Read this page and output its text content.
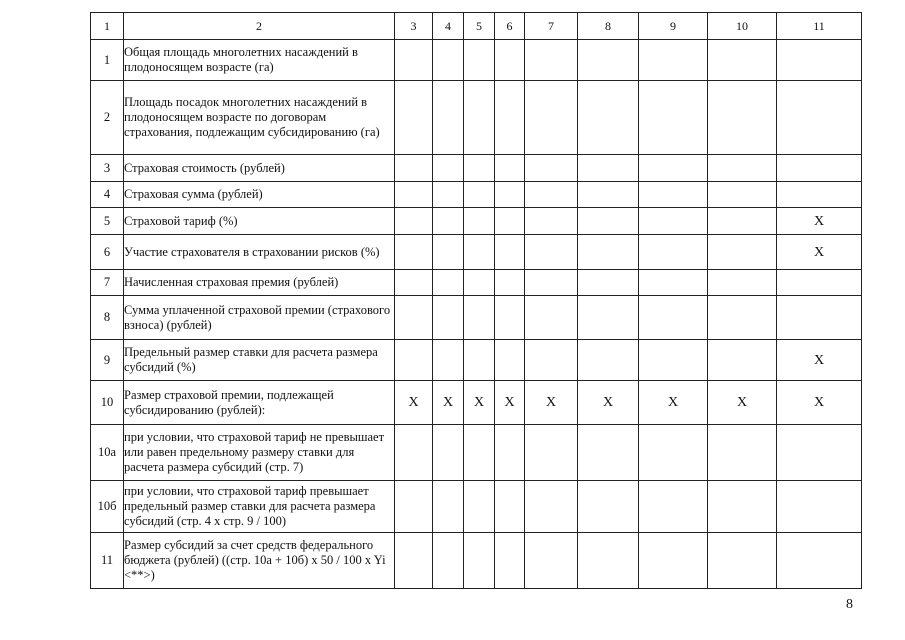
1	2	3	4	5	6	7	8	9	10	11
1	Общая площадь многолетних насаждений в плодоносящем возрасте (га)									
2	Площадь посадок многолетних насаждений в плодоносящем возрасте по договорам страхования, подлежащим субсидированию (га)									
3	Страховая стоимость (рублей)									
4	Страховая сумма (рублей)									
5	Страховой тариф (%)									X
6	Участие страхователя в страховании рисков (%)									X
7	Начисленная страховая премия (рублей)									
8	Сумма уплаченной страховой премии (страхового взноса) (рублей)									
9	Предельный размер ставки для расчета размера субсидий (%)									X
10	Размер страховой премии, подлежащей субсидированию (рублей):	X	X	X	X	X	X	X	X	X
10а	при условии, что страховой тариф не превышает или равен предельному размеру ставки для расчета размера субсидий (стр. 7)									
10б	при условии, что страховой тариф превышает предельный размер ставки для расчета размера субсидий (стр. 4 x стр. 9 / 100)									
11	Размер субсидий за счет средств федерального бюджета (рублей) ((стр. 10а + 10б) x 50 / 100 x Yi <**>)									
8
